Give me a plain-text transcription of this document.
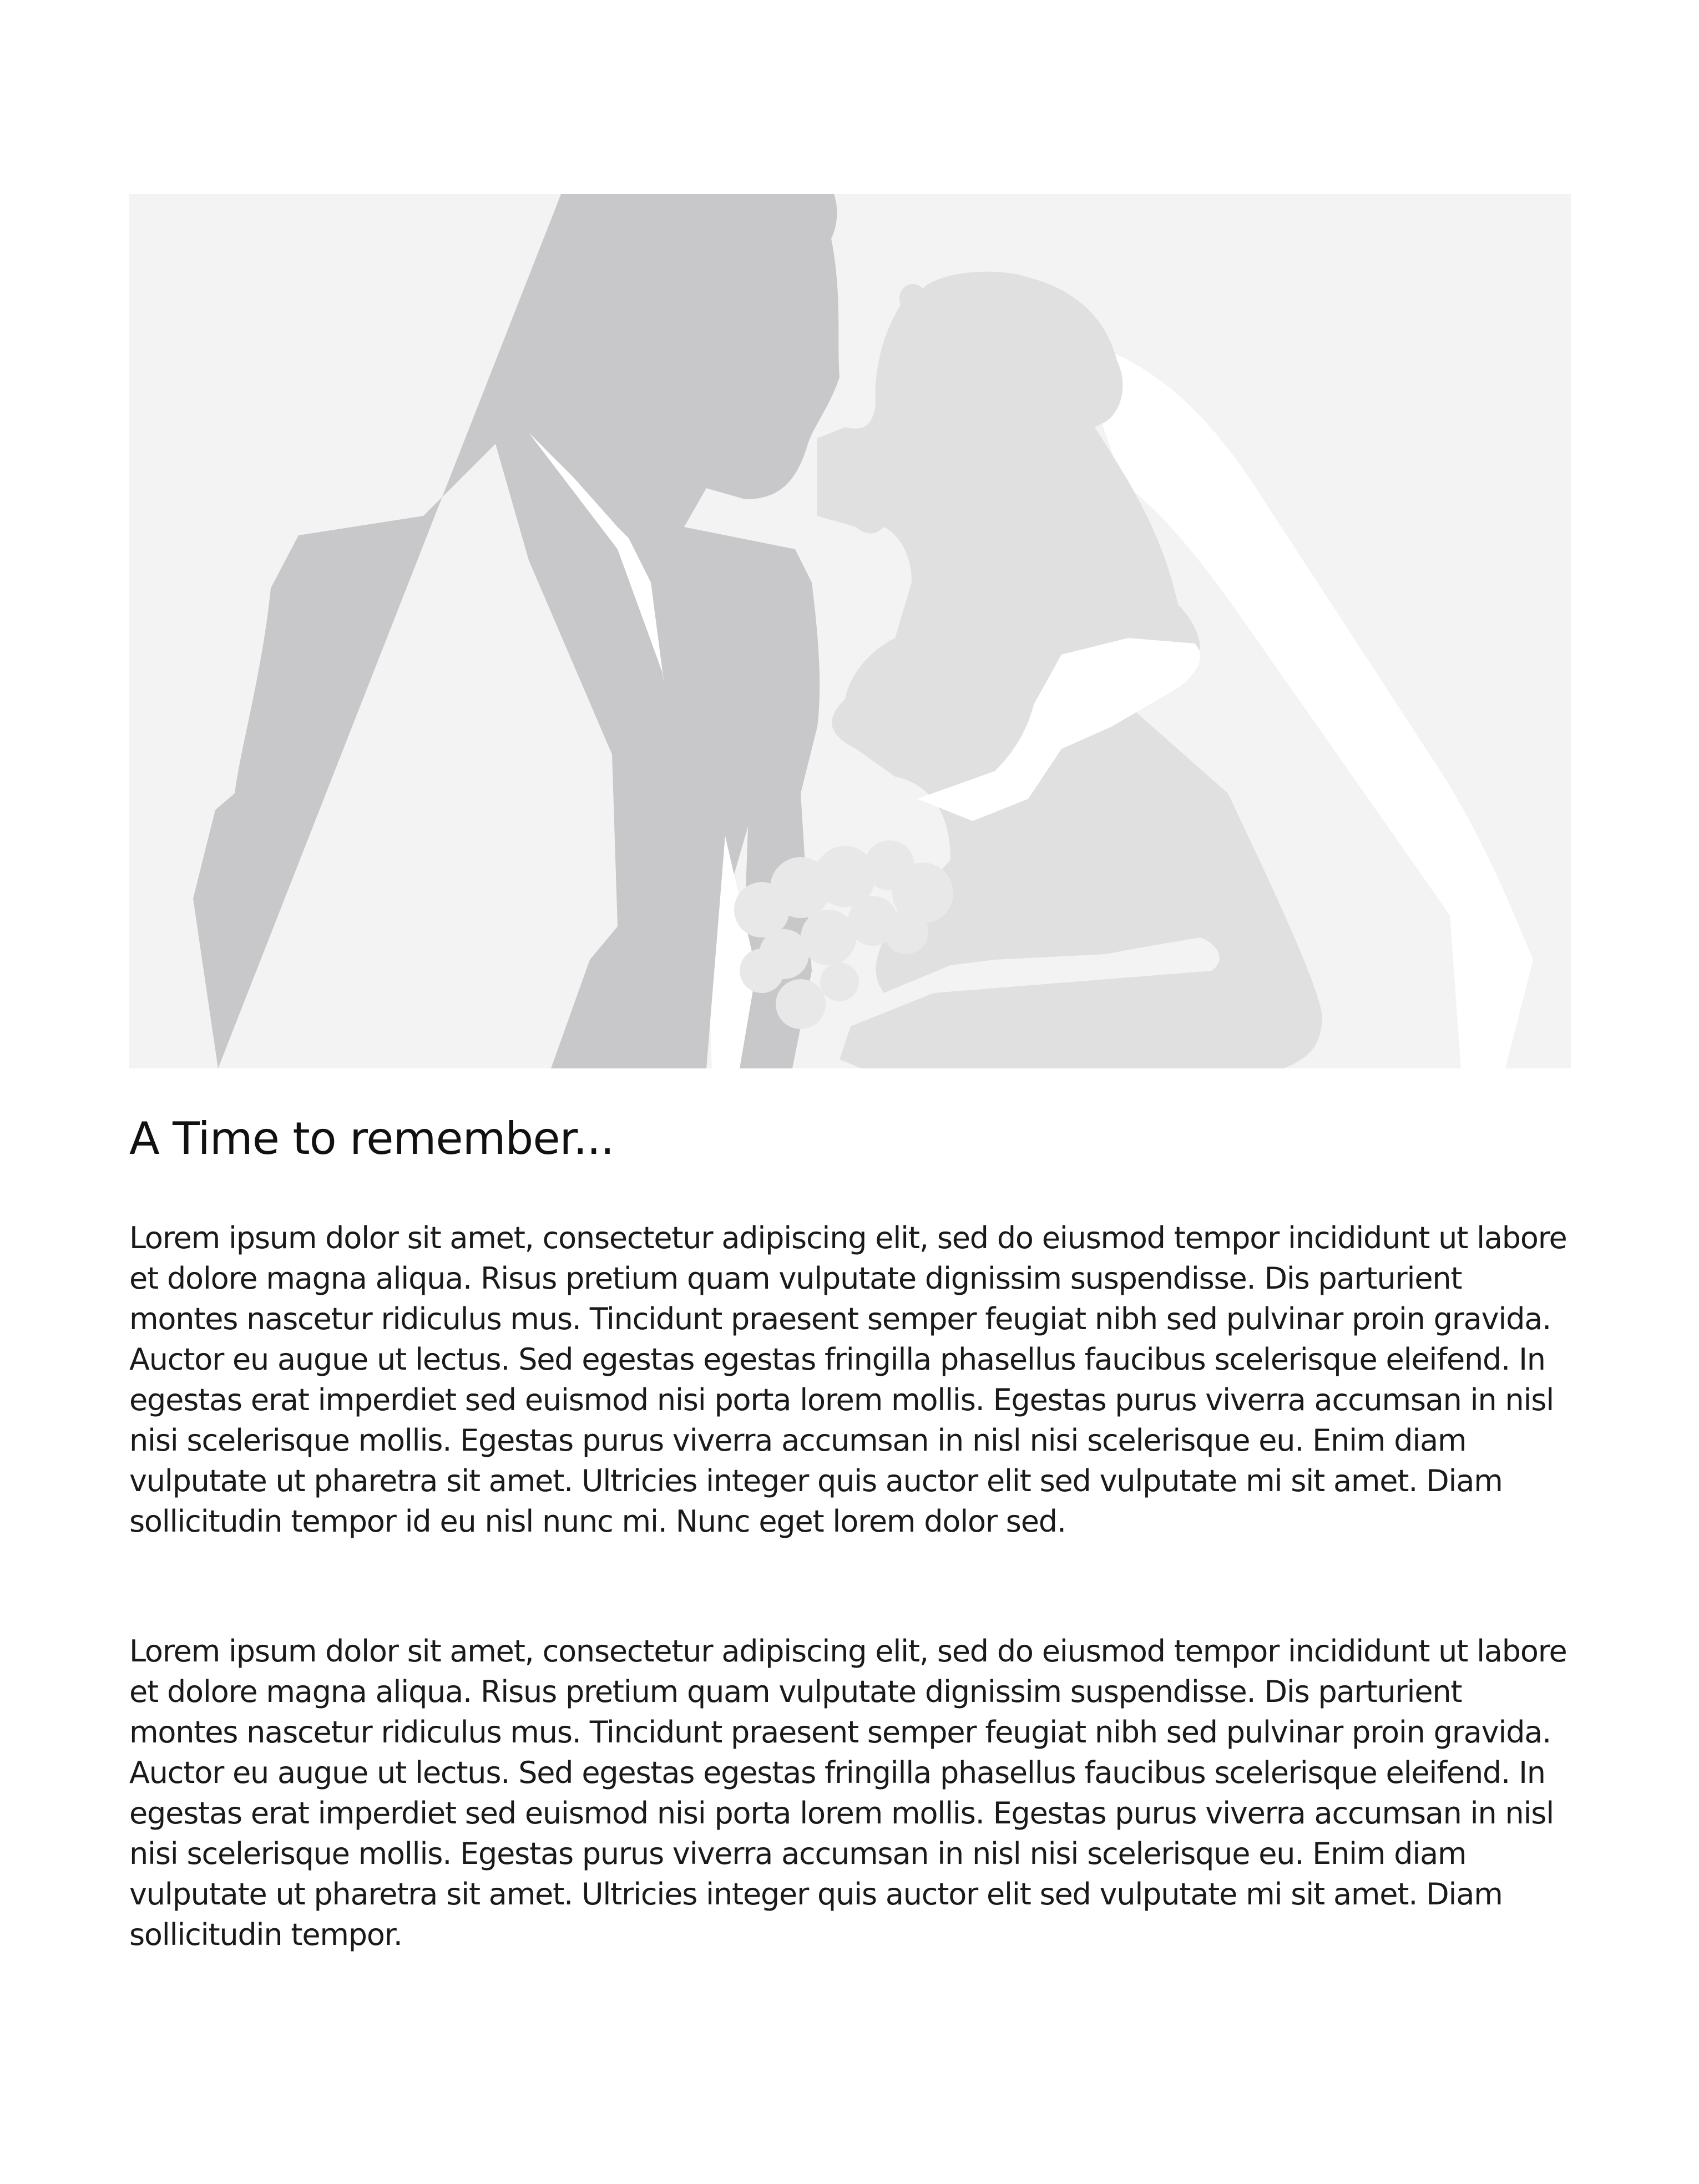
A Time to remember...

Lorem ipsum dolor sit amet, consectetur adipiscing elit, sed do eiusmod tempor incididunt ut labore et dolore magna aliqua. Risus pretium quam vulputate dignissim suspendisse. Dis parturient montes nascetur ridiculus mus. Tincidunt praesent semper feugiat nibh sed pulvinar proin gravida. Auctor eu augue ut lectus. Sed egestas egestas fringilla phasellus faucibus scelerisque eleifend. In egestas erat imperdiet sed euismod nisi porta lorem mollis. Egestas purus viverra accumsan in nisl nisi scelerisque mollis. Egestas purus viverra accumsan in nisl nisi scelerisque eu. Enim diam vulputate ut pharetra sit amet. Ultricies integer quis auctor elit sed vulputate mi sit amet. Diam sollicitudin tempor id eu nisl nunc mi. Nunc eget lorem dolor sed.

Lorem ipsum dolor sit amet, consectetur adipiscing elit, sed do eiusmod tempor incididunt ut labore et dolore magna aliqua. Risus pretium quam vulputate dignissim suspendisse. Dis parturient montes nascetur ridiculus mus. Tincidunt praesent semper feugiat nibh sed pulvinar proin gravida. Auctor eu augue ut lectus. Sed egestas egestas fringilla phasellus faucibus scelerisque eleifend. In egestas erat imperdiet sed euismod nisi porta lorem mollis. Egestas purus viverra accumsan in nisl nisi scelerisque mollis. Egestas purus viverra accumsan in nisl nisi scelerisque eu. Enim diam vulputate ut pharetra sit amet. Ultricies integer quis auctor elit sed vulputate mi sit amet. Diam sollicitudin tempor.
